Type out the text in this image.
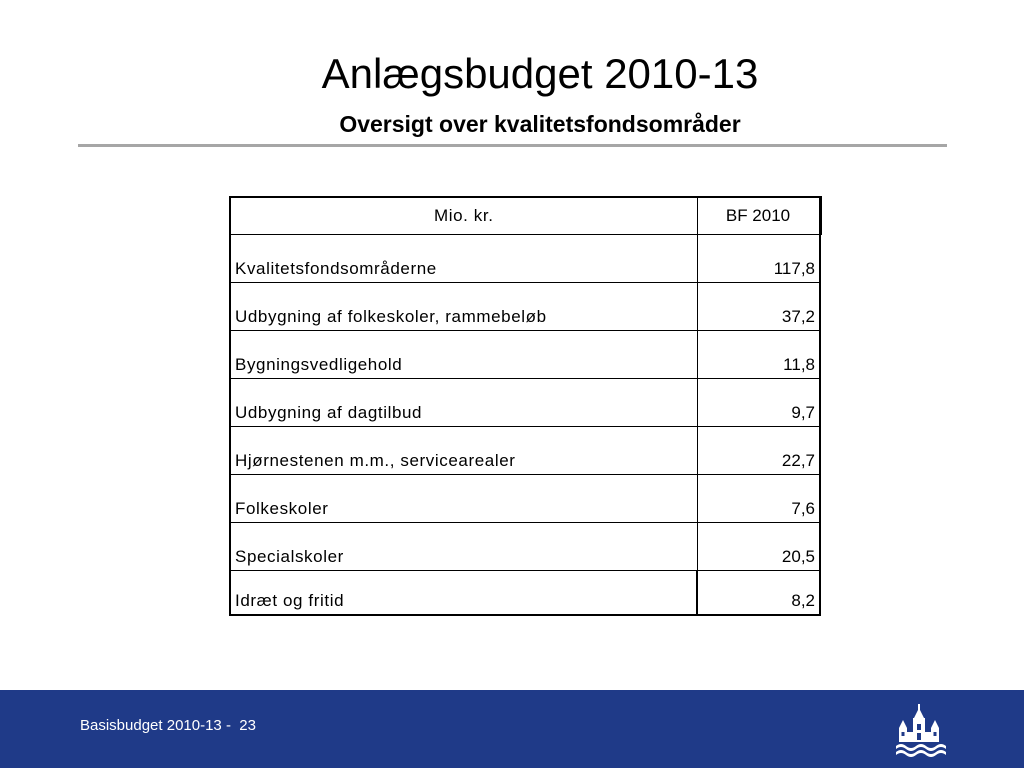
Anlægsbudget 2010-13
Oversigt over kvalitetsfondsområder
Mio. kr.	BF 2010
Kvalitetsfondsområderne	117,8
Udbygning af folkeskoler, rammebeløb	37,2
Bygningsvedligehold	11,8
Udbygning af dagtilbud	9,7
Hjørnestenen m.m., servicearealer	22,7
Folkeskoler	7,6
Specialskoler	20,5
Idræt og fritid	8,2
Basisbudget 2010-13 -  23
